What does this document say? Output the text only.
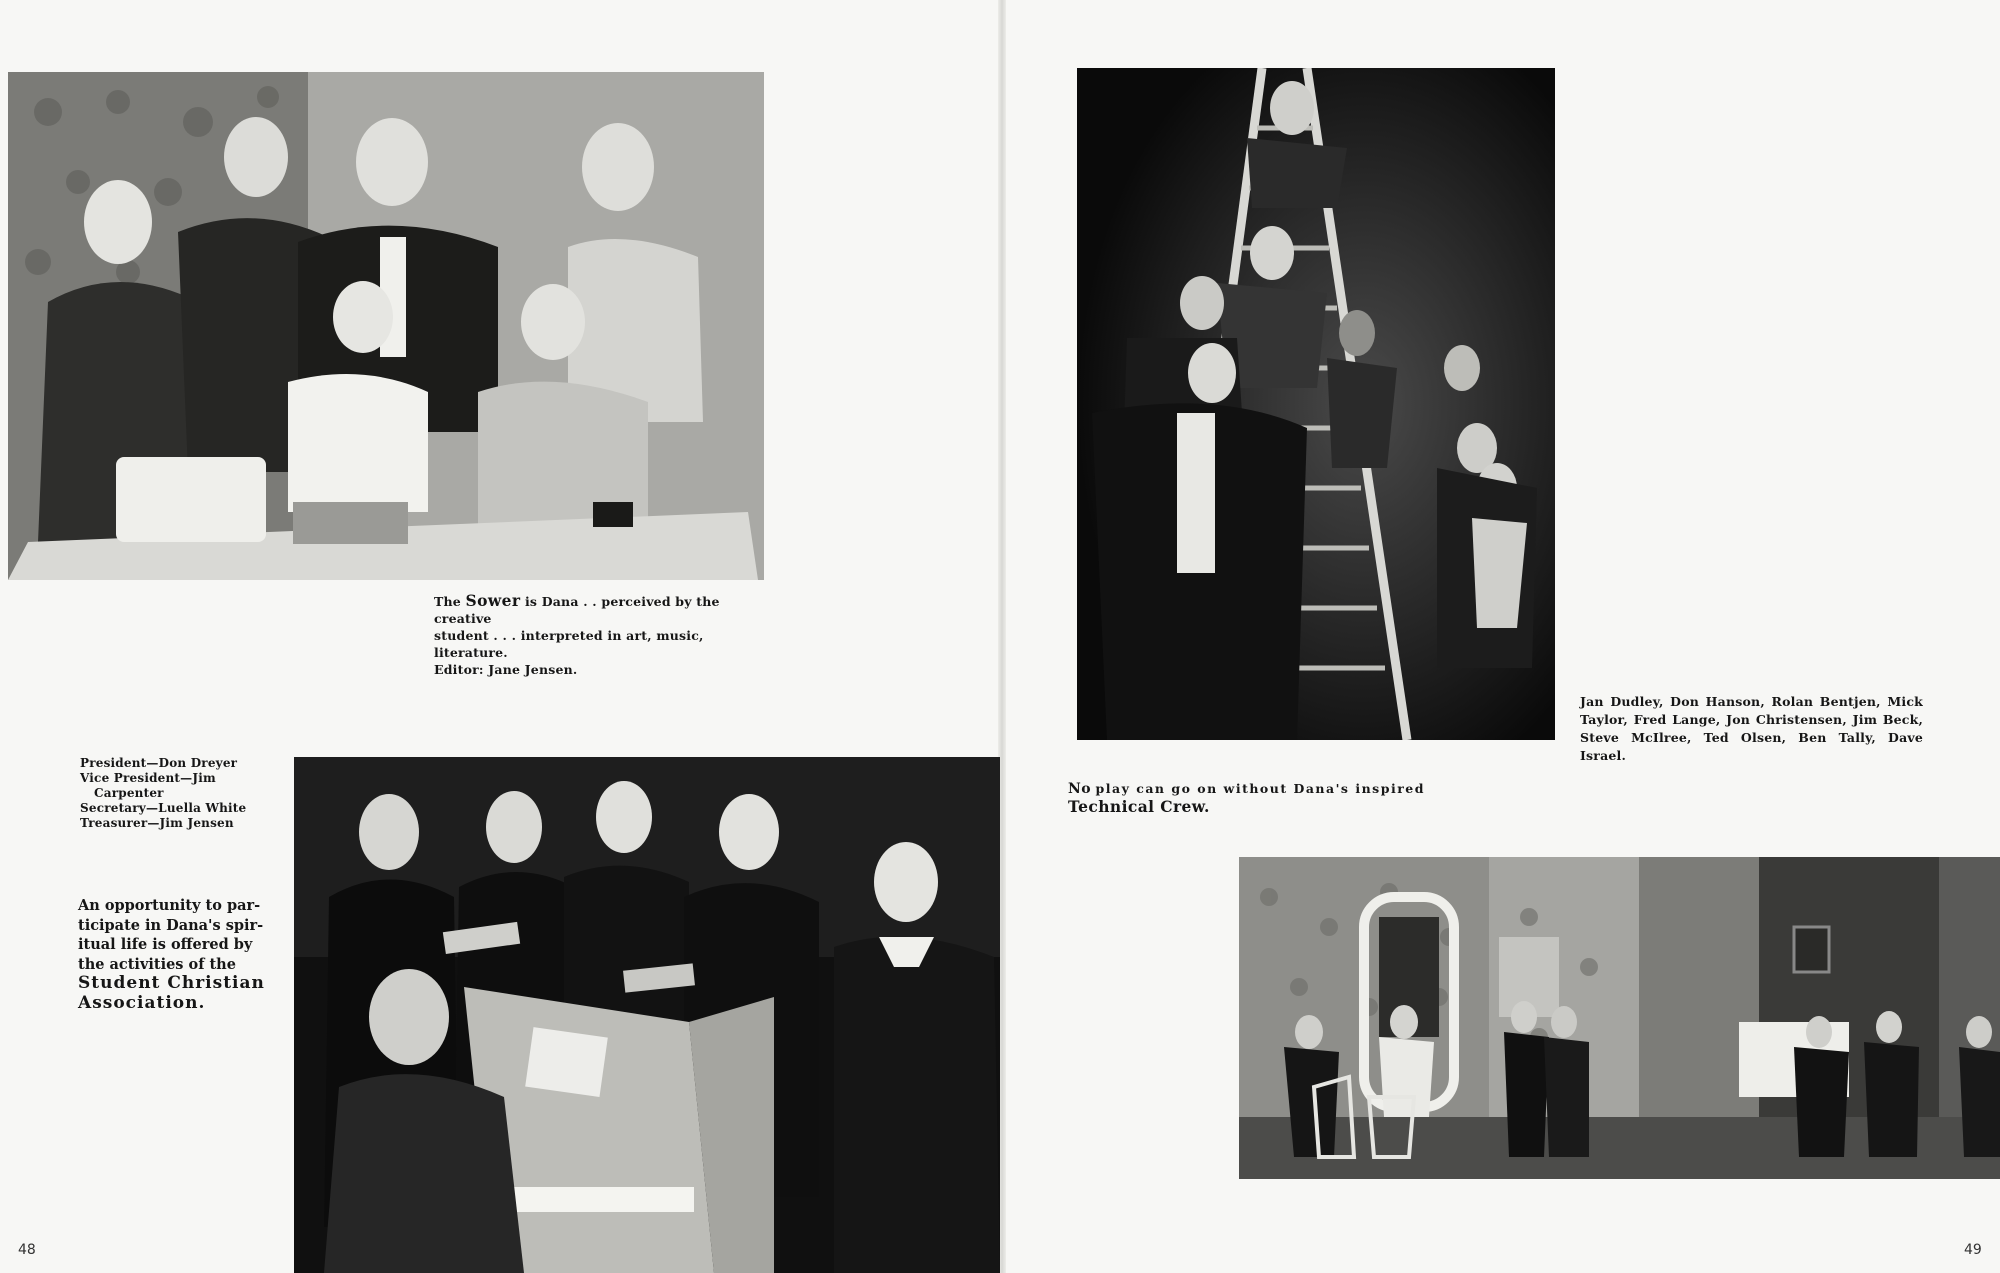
The Sower is Dana . . perceived by the creative
student . . . interpreted in art, music, literature.
Editor: Jane Jensen.
President—Don Dreyer
Vice President—Jim
Carpenter
Secretary—Luella White
Treasurer—Jim Jensen
An opportunity to par-
ticipate in Dana's spir-
itual life is offered by
the activities of the
Student Christian
Association.
48
Jan Dudley, Don Hanson, Rolan Bentjen, Mick
Taylor, Fred Lange, Jon Christensen, Jim Beck,
Steve McIlree, Ted Olsen, Ben Tally, Dave Israel.
No play can go on without Dana's inspired
Technical Crew.
49
